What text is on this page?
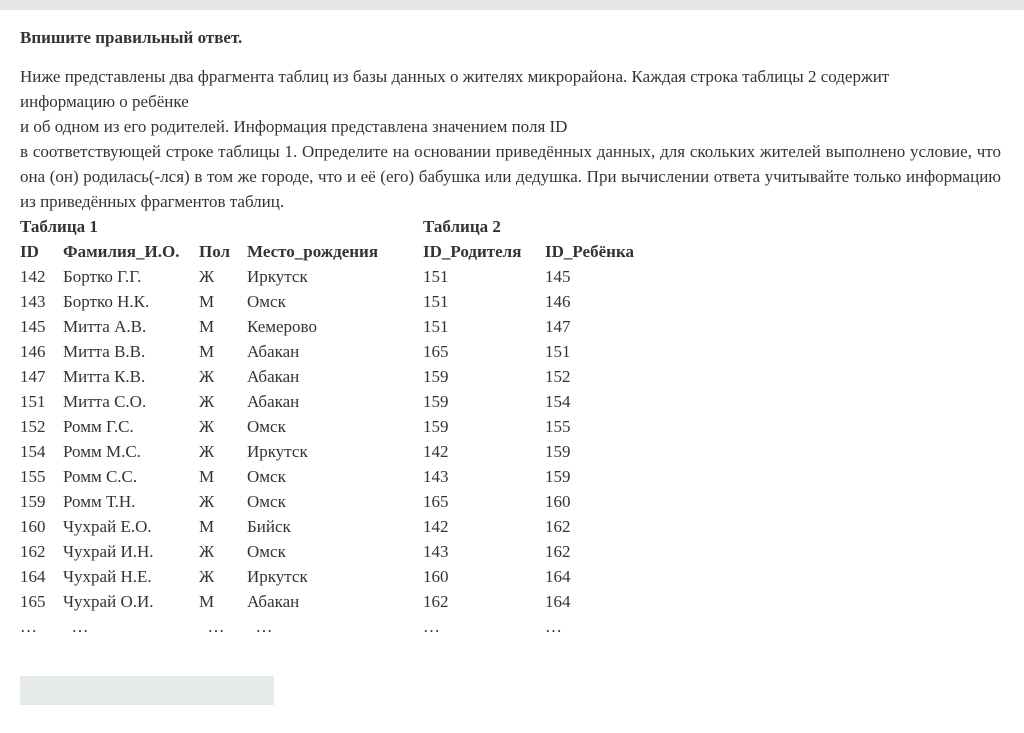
Впишите правильный ответ.

Ниже представлены два фрагмента таблиц из базы данных о жителях микрорайона. Каждая строка таблицы 2 содержит
информацию о ребёнке
и об одном из его родителей. Информация представлена значением поля ID

в соответствующей строке таблицы 1. Определите на основании приведённых данных, для скольких жителей выполнено условие, что она (он) родилась(-лся) в том же городе, что и её (его) бабушка или дедушка. При вычислении ответа учитывайте только информацию из приведённых фрагментов таблиц.

Таблица 1
ID
142
143
145
146
147
151
152
154
155
159
160
162
164
165
…

Фамилия_И.О.
Бортко Г.Г.
Бортко Н.К.
Митта А.В.
Митта В.В.
Митта К.В.
Митта С.О.
Ромм Г.С.
Ромм М.С.
Ромм С.С.
Ромм Т.Н.
Чухрай Е.О.
Чухрай И.Н.
Чухрай Н.Е.
Чухрай О.И.
…

Пол
Ж
М
М
М
Ж
Ж
Ж
Ж
М
Ж
М
Ж
Ж
М
…

Место_рождения
Иркутск
Омск
Кемерово
Абакан
Абакан
Абакан
Омск
Иркутск
Омск
Омск
Бийск
Омск
Иркутск
Абакан
…
Таблица 2
ID_Родителя
151
151
151
165
159
159
159
142
143
165
142
143
160
162
…

ID_Ребёнка
145
146
147
151
152
154
155
159
159
160
162
162
164
164
…
